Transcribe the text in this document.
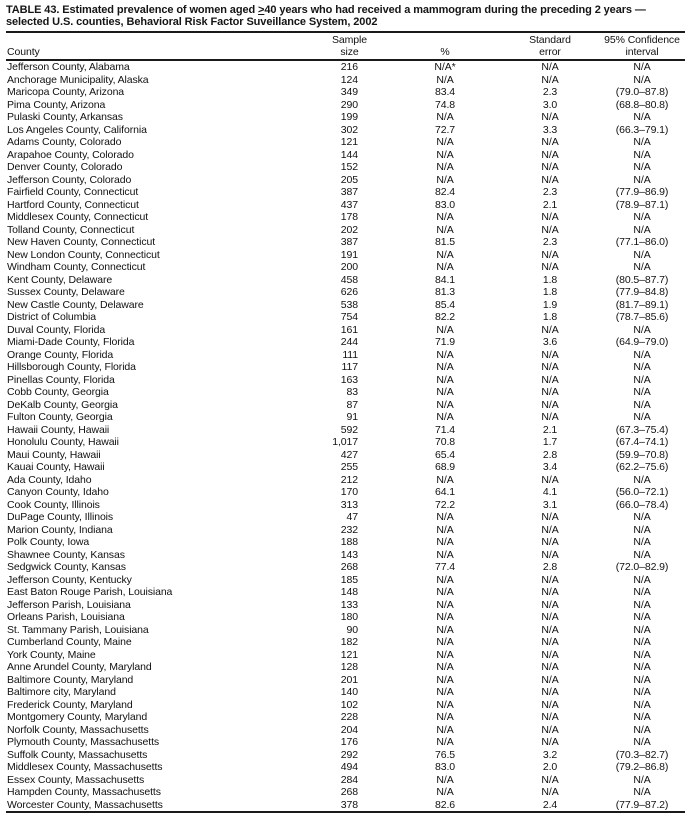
TABLE 43. Estimated prevalence of women aged ≥40 years who had received a mammogram during the preceding 2 years —
selected U.S. counties, Behavioral Risk Factor Suveillance System, 2002
County

Sample
size	%

Standard
error

95% Confidence
interval

Jefferson County, Alabama	216	N/A*	N/A	N/A
Anchorage Municipality, Alaska	124	N/A	N/A	N/A
Maricopa County, Arizona	349	83.4	2.3	(79.0–87.8)
Pima County, Arizona	290	74.8	3.0	(68.8–80.8)
Pulaski County, Arkansas	199	N/A	N/A	N/A
Los Angeles County, California	302	72.7	3.3	(66.3–79.1)
Adams County, Colorado	121	N/A	N/A	N/A
Arapahoe County, Colorado	144	N/A	N/A	N/A
Denver County, Colorado	152	N/A	N/A	N/A
Jefferson County, Colorado	205	N/A	N/A	N/A
Fairfield County, Connecticut	387	82.4	2.3	(77.9–86.9)
Hartford County, Connecticut	437	83.0	2.1	(78.9–87.1)
Middlesex County, Connecticut	178	N/A	N/A	N/A
Tolland County, Connecticut	202	N/A	N/A	N/A
New Haven County, Connecticut	387	81.5	2.3	(77.1–86.0)
New London County, Connecticut	191	N/A	N/A	N/A
Windham County, Connecticut	200	N/A	N/A	N/A
Kent County, Delaware	458	84.1	1.8	(80.5–87.7)
Sussex County, Delaware	626	81.3	1.8	(77.9–84.8)
New Castle County, Delaware	538	85.4	1.9	(81.7–89.1)
District of Columbia	754	82.2	1.8	(78.7–85.6)
Duval County, Florida	161	N/A	N/A	N/A
Miami-Dade County, Florida	244	71.9	3.6	(64.9–79.0)
Orange County, Florida	111	N/A	N/A	N/A
Hillsborough County, Florida	117	N/A	N/A	N/A
Pinellas County, Florida	163	N/A	N/A	N/A
Cobb County, Georgia	83	N/A	N/A	N/A
DeKalb County, Georgia	87	N/A	N/A	N/A
Fulton County, Georgia	91	N/A	N/A	N/A
Hawaii County, Hawaii	592	71.4	2.1	(67.3–75.4)
Honolulu County, Hawaii	1,017	70.8	1.7	(67.4–74.1)
Maui County, Hawaii	427	65.4	2.8	(59.9–70.8)
Kauai County, Hawaii	255	68.9	3.4	(62.2–75.6)
Ada County, Idaho	212	N/A	N/A	N/A
Canyon County, Idaho	170	64.1	4.1	(56.0–72.1)
Cook County, Illinois	313	72.2	3.1	(66.0–78.4)
DuPage County, Illinois	47	N/A	N/A	N/A
Marion County, Indiana	232	N/A	N/A	N/A
Polk County, Iowa	188	N/A	N/A	N/A
Shawnee County, Kansas	143	N/A	N/A	N/A
Sedgwick County, Kansas	268	77.4	2.8	(72.0–82.9)
Jefferson County, Kentucky	185	N/A	N/A	N/A
East Baton Rouge Parish, Louisiana	148	N/A	N/A	N/A
Jefferson Parish, Louisiana	133	N/A	N/A	N/A
Orleans Parish, Louisiana	180	N/A	N/A	N/A
St. Tammany Parish, Louisiana	90	N/A	N/A	N/A
Cumberland County, Maine	182	N/A	N/A	N/A
York County, Maine	121	N/A	N/A	N/A
Anne Arundel County, Maryland	128	N/A	N/A	N/A
Baltimore County, Maryland	201	N/A	N/A	N/A
Baltimore city, Maryland	140	N/A	N/A	N/A
Frederick County, Maryland	102	N/A	N/A	N/A
Montgomery County, Maryland	228	N/A	N/A	N/A
Norfolk County, Massachusetts	204	N/A	N/A	N/A
Plymouth County, Massachusetts	176	N/A	N/A	N/A
Suffolk County, Massachusetts	292	76.5	3.2	(70.3–82.7)
Middlesex County, Massachusetts	494	83.0	2.0	(79.2–86.8)
Essex County, Massachusetts	284	N/A	N/A	N/A
Hampden County, Massachusetts	268	N/A	N/A	N/A
Worcester County, Massachusetts	378	82.6	2.4	(77.9–87.2)
